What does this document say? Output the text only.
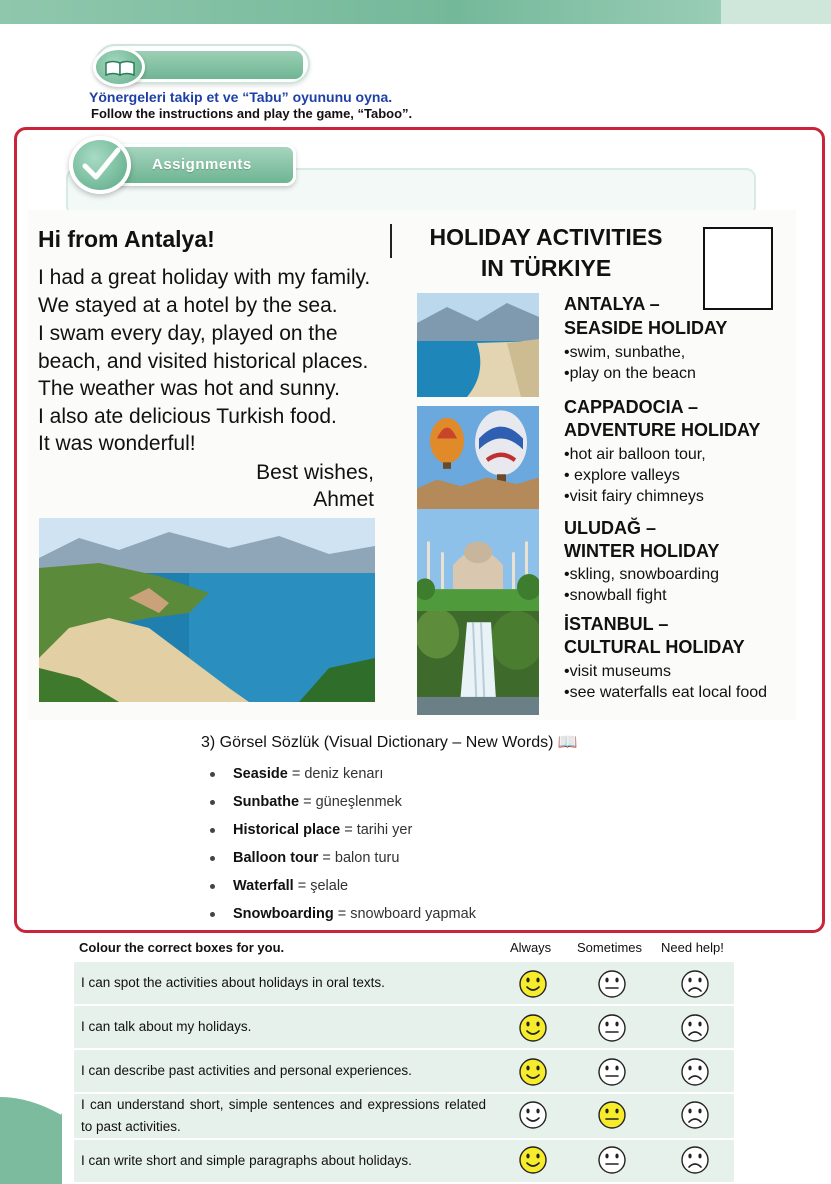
Yönergeleri takip et ve “Tabu” oyununu oyna.
Follow the instructions and play the game, “Taboo”.
Assignments
Hi from Antalya!
I had a great holiday with my family.
We stayed at a hotel by the sea.
I swam every day, played on the
beach, and visited historical places.
The weather was hot and sunny.
I also ate delicious Turkish food.
It was wonderful!
Best wishes,
Ahmet
HOLIDAY ACTIVITIES
IN TÜRKIYE
ANTALYA –
SEASIDE HOLIDAY
•swim, sunbathe,
•play on the beacn
CAPPADOCIA –
ADVENTURE HOLIDAY
•hot air balloon tour,
• explore valleys
•visit fairy chimneys
ULUDAĞ –
WINTER HOLIDAY
•skling, snowboarding
•snowball fight
İSTANBUL –
CULTURAL HOLIDAY
•visit museums
•see waterfalls eat local food
3) Görsel Sözlük (Visual Dictionary – New Words) 📖
Seaside = deniz kenarı
Sunbathe = güneşlenmek
Historical place = tarihi yer
Balloon tour = balon turu
Waterfall = şelale
Snowboarding = snowboard yapmak
Colour the correct boxes for you.	Always Sometimes Need help!
I can spot the activities about holidays in oral texts.
I can talk about my holidays.
I can describe past activities and personal experiences.
I can understand short, simple sentences and expressions related to past activities.
I can write short and simple paragraphs about holidays.
